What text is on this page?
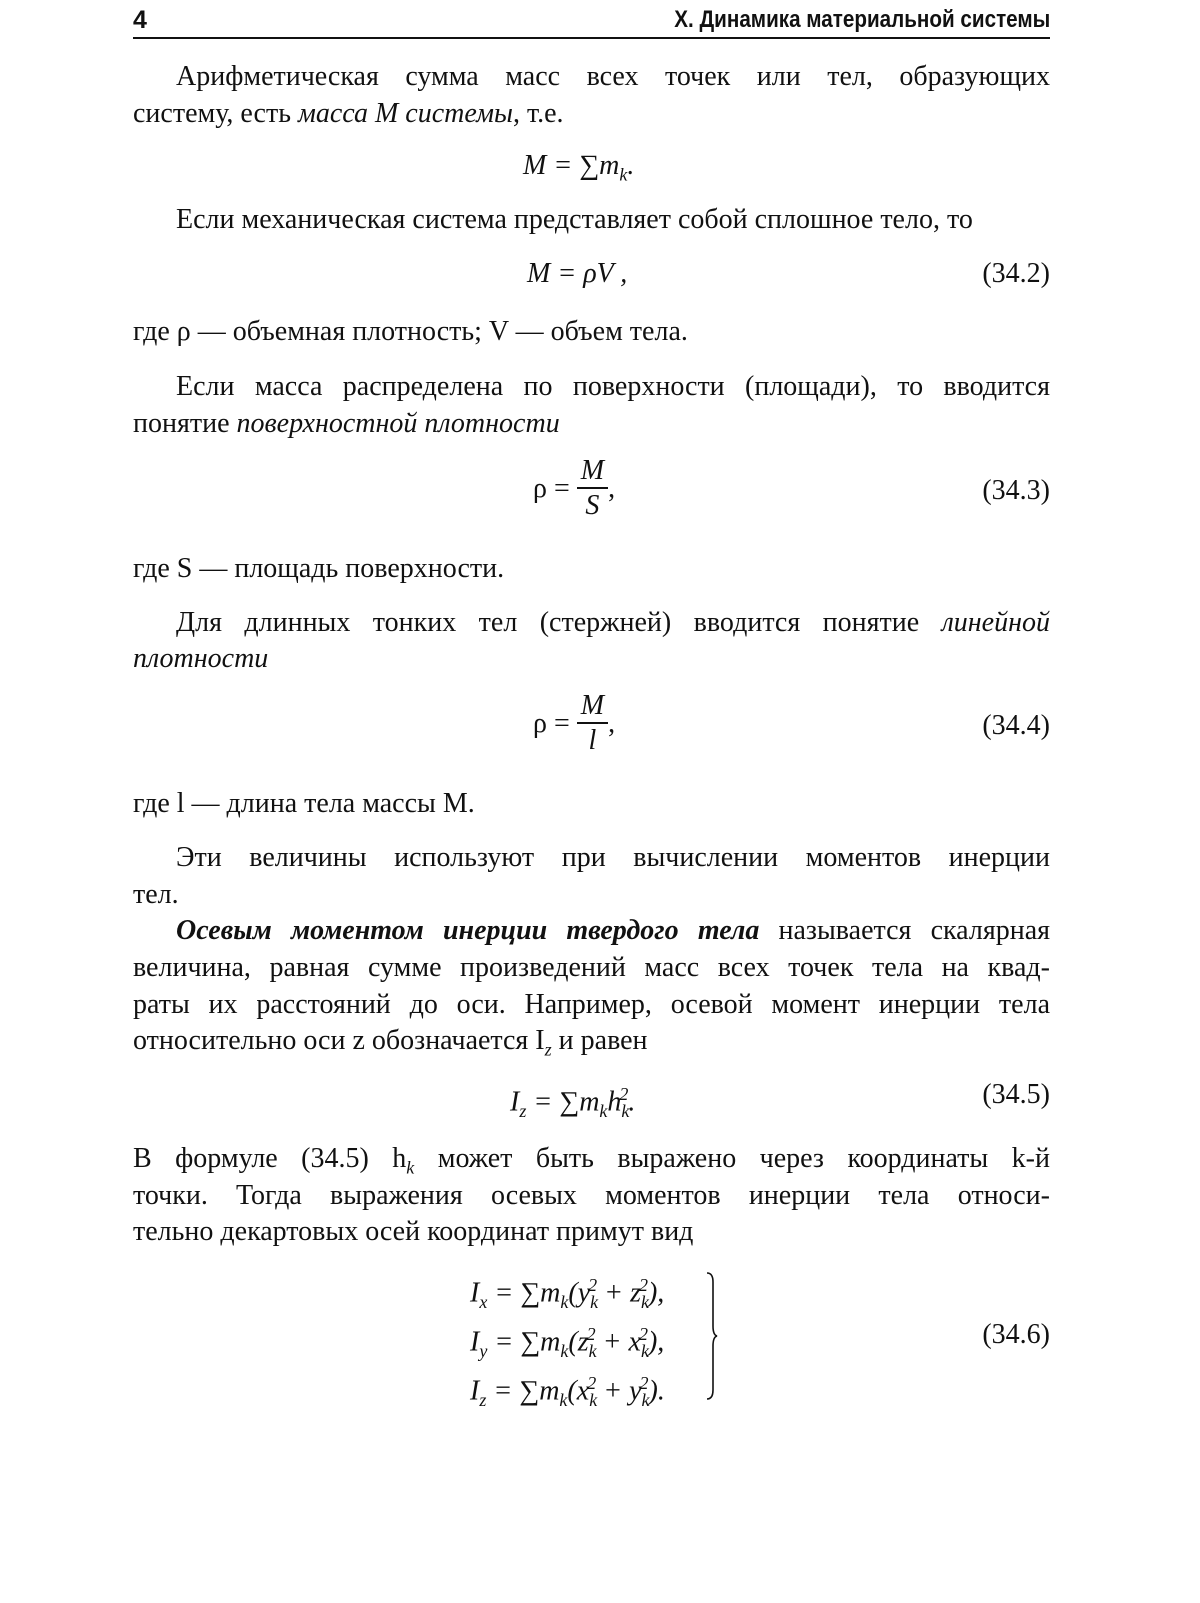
4	X. Динамика материальной системы
Арифметическая сумма масс всех точек или тел, образующих
систему, есть масса M системы, т.е.
$M = \sum m_k$.
Если механическая система представляет собой сплошное тело, то
M = ρV ,	(34.2)
где ρ — объемная плотность; V — объем тела.
Если масса распределена по поверхности (площади), то вводится
понятие поверхностной плотности
$\rho = \frac{M}{S}$ ,	(34.3)
где S — площадь поверхности.
Для длинных тонких тел (стержней) вводится понятие линейной
плотности
$\rho = \frac{M}{l}$ ,	(34.4)
где l — длина тела массы M.
Эти величины используют при вычислении моментов инерции
тел.
Осевым моментом инерции твердого тела называется скалярная
величина, равная сумме произведений масс всех точек тела на квад-
раты их расстояний до оси. Например, осевой момент инерции тела
относительно оси z обозначается $I_z$ и равен
$I_z = \sum m_kh_k^2$.	(34.5)
В формуле (34.5) $h_k$ может быть выражено через координаты k-й
точки. Тогда выражения осевых моментов инерции тела относи-
тельно декартовых осей координат примут вид
$I_x = \sum m_k(y_k^2 + z_k^2)$,
$I_y = \sum m_k(z_k^2 + x_k^2)$,
$I_z = \sum m_k(x_k^2 + y_k^2)$.
(34.6)
